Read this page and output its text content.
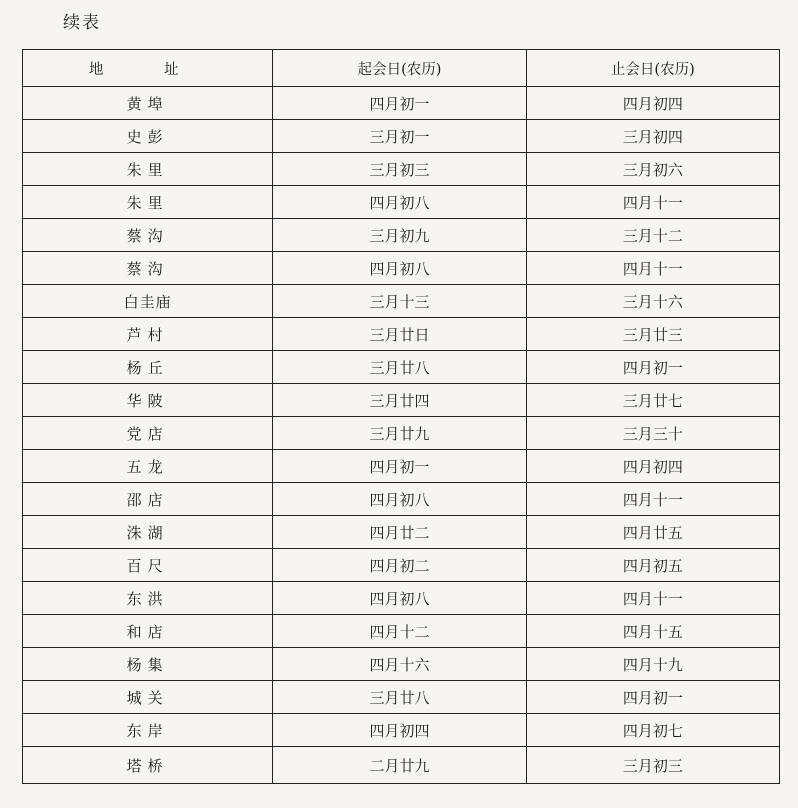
续表
地 址	起会日(农历)	止会日(农历)
黄埠	四月初一	四月初四
史彭	三月初一	三月初四
朱里	三月初三	三月初六
朱里	四月初八	四月十一
蔡沟	三月初九	三月十二
蔡沟	四月初八	四月十一
白圭庙	三月十三	三月十六
芦村	三月廿日	三月廿三
杨丘	三月廿八	四月初一
华陂	三月廿四	三月廿七
党店	三月廿九	三月三十
五龙	四月初一	四月初四
邵店	四月初八	四月十一
洙湖	四月廿二	四月廿五
百尺	四月初二	四月初五
东洪	四月初八	四月十一
和店	四月十二	四月十五
杨集	四月十六	四月十九
城关	三月廿八	四月初一
东岸	四月初四	四月初七
塔桥	二月廿九	三月初三
